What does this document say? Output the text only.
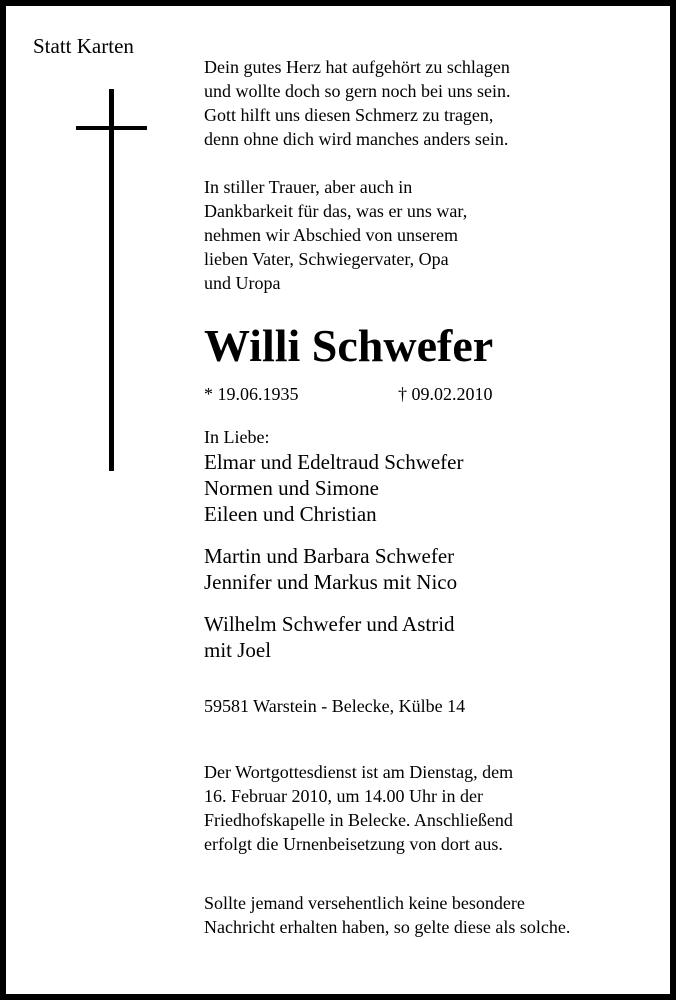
Statt Karten
Dein gutes Herz hat aufgehört zu schlagen
und wollte doch so gern noch bei uns sein.
Gott hilft uns diesen Schmerz zu tragen,
denn ohne dich wird manches anders sein.
In stiller Trauer, aber auch in
Dankbarkeit für das, was er uns war,
nehmen wir Abschied von unserem
lieben Vater, Schwiegervater, Opa
und Uropa
Willi Schwefer
* 19.06.1935	† 09.02.2010
In Liebe:
Elmar und Edeltraud Schwefer
Normen und Simone
Eileen und Christian
Martin und Barbara Schwefer
Jennifer und Markus mit Nico
Wilhelm Schwefer und Astrid
mit Joel
59581 Warstein - Belecke, Külbe 14
Der Wortgottesdienst ist am Dienstag, dem
16. Februar 2010, um 14.00 Uhr in der
Friedhofskapelle in Belecke. Anschließend
erfolgt die Urnenbeisetzung von dort aus.
Sollte jemand versehentlich keine besondere
Nachricht erhalten haben, so gelte diese als solche.
